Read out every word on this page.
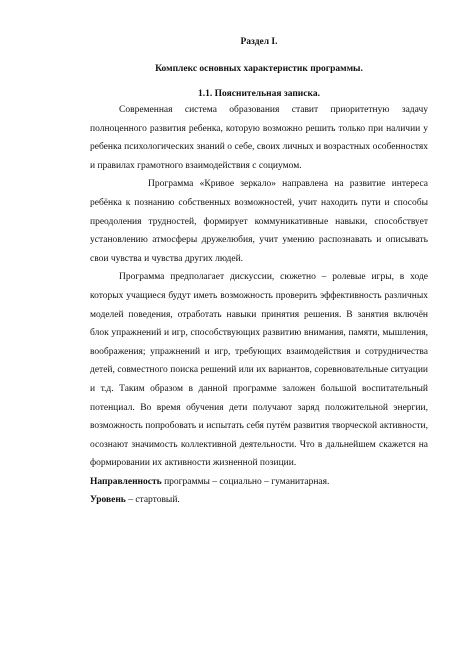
Раздел I.
Комплекс основных характеристик программы.
1.1. Пояснительная записка.

Современная система образования ставит приоритетную задачу полноценного развития ребенка, которую возможно решить только при наличии у ребенка психологических знаний о себе, своих личных и возрастных особенностях и правилах грамотного взаимодействия с социумом.

Программа «Кривое зеркало» направлена на развитие интереса ребёнка к познанию собственных возможностей, учит находить пути и способы преодоления трудностей, формирует коммуникативные навыки, способствует установлению атмосферы дружелюбия, учит умению распознавать и описывать свои чувства и чувства других людей.

Программа предполагает дискуссии, сюжетно – ролевые игры, в ходе которых учащиеся будут иметь возможность проверить эффективность различных моделей поведения, отработать навыки принятия решения. В занятия включён блок упражнений и игр, способствующих развитию внимания, памяти, мышления, воображения; упражнений и игр, требующих взаимодействия и сотрудничества детей, совместного поиска решений или их вариантов, соревновательные ситуации и т.д. Таким образом в данной программе заложен большой воспитательный потенциал. Во время обучения дети получают заряд положительной энергии, возможность попробовать и испытать себя путём развития творческой активности, осознают значимость коллективной деятельности. Что в дальнейшем скажется на формировании их активности жизненной позиции.

Направленность программы – социально – гуманитарная.

Уровень – стартовый.
